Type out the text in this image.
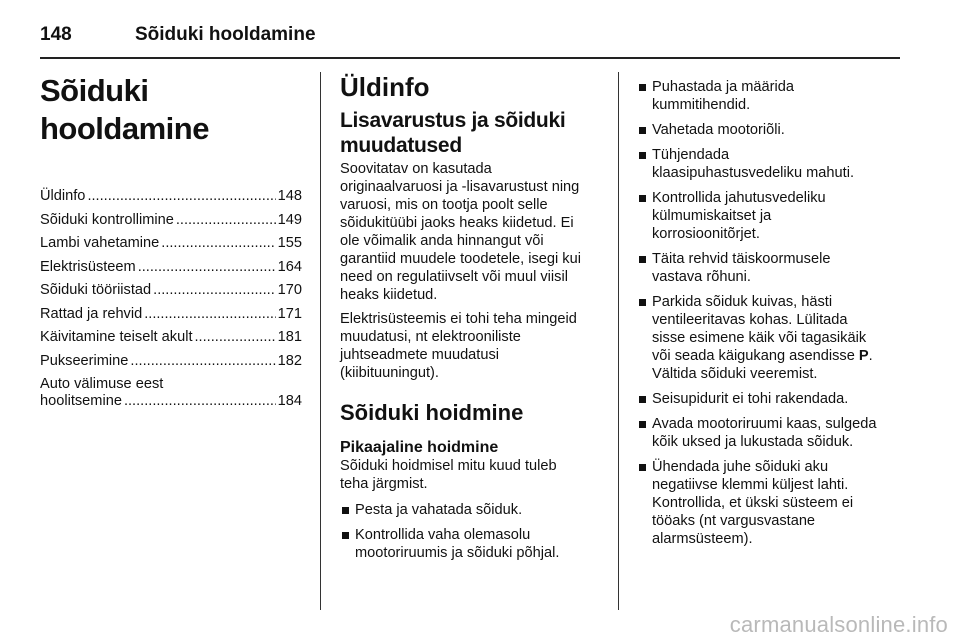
148	Sõiduki hooldamine
Sõiduki hooldamine
Üldinfo .....	148
Sõiduki kontrollimine .....	149
Lambi vahetamine .....	155
Elektrisüsteem .....	164
Sõiduki tööriistad .....	170
Rattad ja rehvid .....	171
Käivitamine teiselt akult .....	181
Pukseerimine .....	182
Auto välimuse eest
hoolitsemine .....	184
Üldinfo
Lisavarustus ja sõiduki
muudatused
Soovitatav on kasutada
originaalvaruosi ja -lisavarustust ning
varuosi, mis on tootja poolt selle
sõidukitüübi jaoks heaks kiidetud. Ei
ole võimalik anda hinnangut või
garantiid muudele toodetele, isegi kui
need on regulatiivselt või muul viisil
heaks kiidetud.
Elektrisüsteemis ei tohi teha mingeid
muudatusi, nt elektrooniliste
juhtseadmete muudatusi
(kiibituuningut).
Sõiduki hoidmine
Pikaajaline hoidmine
Sõiduki hoidmisel mitu kuud tuleb
teha järgmist.
Pesta ja vahatada sõiduk.
Kontrollida vaha olemasolu
mootoriruumis ja sõiduki põhjal.
Puhastada ja määrida
kummitihendid.
Vahetada mootoriõli.
Tühjendada
klaasipuhastusvedeliku mahuti.
Kontrollida jahutusvedeliku
külmumiskaitset ja
korrosioonitõrjet.
Täita rehvid täiskoormusele
vastava rõhuni.
Parkida sõiduk kuivas, hästi
ventileeritavas kohas. Lülitada
sisse esimene käik või tagasikäik
või seada käigukang asendisse P.
Vältida sõiduki veeremist.
Seisupidurit ei tohi rakendada.
Avada mootoriruumi kaas, sulgeda
kõik uksed ja lukustada sõiduk.
Ühendada juhe sõiduki aku
negatiivse klemmi küljest lahti.
Kontrollida, et ükski süsteem ei
tööaks (nt vargusvastane
alarmsüsteem).
carmanualsonline.info
